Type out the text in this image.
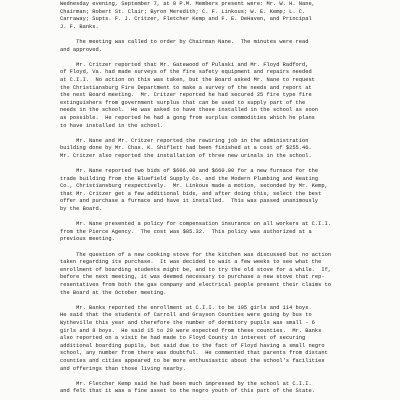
Wednesday evening, September 7, at 8 P.M. Members present were: Mr. W. H. Nane,
Chairman; Robert St. Clair; Byron Meredith; C. F. Linkous; W. E. Kemp; L. C.
Carraway; Supts. F. J. Critzer, Fletcher Kemp and F. E. DeHaven, and Principal
J. F. Banks.
The meeting was called to order by Chairman Nane.  The minutes were read
and approved.
Mr. Critzer reported that Mr. Gatewood of Pulaski and Mr. Floyd Radford,
of Floyd, Va. had made surveys of the fire safety equipment and repairs needed
at C.I.I.  No action on this was taken, but the Board asked Mr. Nane to request
the Christiansburg Fire Department to make a survey of the needs and report at
the next Board meeting.  Mr. Critzer reported he had secured 25 fire type fire
extinguishers from government surplus that can be used to supply part of the
needs in the school.  He was asked to have these installed in the school as soon
as possible.  He reported he had a gong from surplus commodities which he plans
to have installed in the school.
Mr. Nane and Mr. Critzer reported the rewiring job in the administration
building done by Mr. Chas. K. Shiflett had been finished at a cost of $255.46.
Mr. Critzer also reported the installation of three new urinals in the school.
Mr. Nane reported two bids of $606.00 and $660.00 for a new furnace for the
trade building from the Bluefield Supply Co. and the Modern Plumbing and Heating
Co., Christiansburg respectively.  Mr. Linkous made a motion, seconded by Mr. Kemp,
that Mr. Critzer get a few additional bids, and after doing this, select the best
offer and purchase a furnace and have it installed.  This was passed unanimously
by the Board.
Mr. Nane presented a policy for compensation insurance on all workers at C.I.I.
from the Pierce Agency.  The cost was $85.32.  This policy was authorized at a
previous meeting.
The question of a new cooking stove for the kitchen was discussed but no action
taken regarding its purchase.  It was decided to wait a few weeks to see what the
enrollment of boarding students might be, and to try the old stove for a while.  If,
before the next meeting, it was deemed necessary to purchase a new stove that rep-
resentatives from both the gas company and electrical people present their claims to
the Board at the October meeting.
Mr. Banks reported the enrollment at C.I.I. to be 105 girls and 114 boys.
He said that the students of Carroll and Grayson Counties were going by bus to
Wytheville this year and therefore the number of dormitory pupils was small - 6
girls and 8 boys.  He said 15 to 20 were expected from these counties.  Mr. Banks
also reported on a visit he had made to Floyd County in interest of securing
additional boarding pupils, but said due to the fact of Floyd having a small negro
school, any number from there was doubtful.  He commented that parents from distant
counties and cities appeared to be more enthusiastic about the school's facilities
and offerings than those living nearby.
Mr. Fletcher Kemp said he had been much impressed by the school at C.I.I.
and felt that it was a fine asset to the negro youth of this part of the State.
